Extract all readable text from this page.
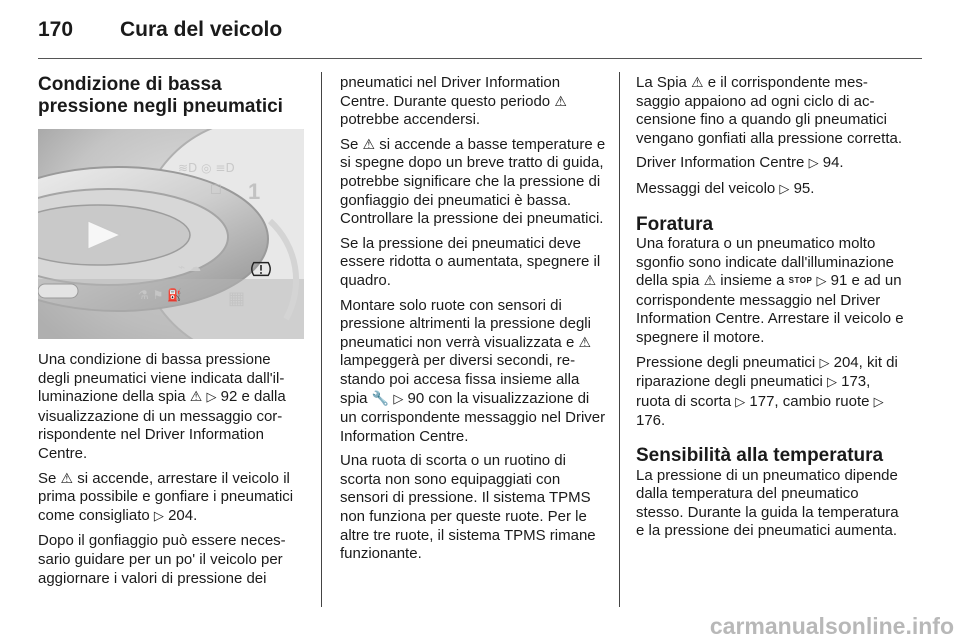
170 Cura del veicolo
Condizione di bassa pressione negli pneumatici
≋D ◎ ≡D
☐ 1
⌁ ☁
⚗ ⚑ ⛽	▦

Una condizione di bassa pressione degli pneumatici viene indicata dall'illuminazione della spia ⚠ ▷ 92 e dalla visualizzazione di un messaggio corrispondente nel Driver Information Centre.

Se ⚠ si accende, arrestare il veicolo il prima possibile e gonfiare i pneumatici come consigliato ▷ 204.

Dopo il gonfiaggio può essere necessario guidare per un po' il veicolo per aggiornare i valori di pressione dei

pneumatici nel Driver Information Centre. Durante questo periodo ⚠ potrebbe accendersi.

Se ⚠ si accende a basse temperature e si spegne dopo un breve tratto di guida, potrebbe significare che la pressione di gonfiaggio dei pneumatici è bassa. Controllare la pressione dei pneumatici.

Se la pressione dei pneumatici deve essere ridotta o aumentata, spegnere il quadro.

Montare solo ruote con sensori di pressione altrimenti la pressione degli pneumatici non verrà visualizzata e ⚠ lampeggerà per diversi secondi, restando poi accesa fissa insieme alla spia 🔧 ▷ 90 con la visualizzazione di un corrispondente messaggio nel Driver Information Centre.

Una ruota di scorta o un ruotino di scorta non sono equipaggiati con sensori di pressione. Il sistema TPMS non funziona per queste ruote. Per le altre tre ruote, il sistema TPMS rimane funzionante.

La Spia ⚠ e il corrispondente messaggio appaiono ad ogni ciclo di accensione fino a quando gli pneumatici vengano gonfiati alla pressione corretta.

Driver Information Centre ▷ 94.

Messaggi del veicolo ▷ 95.

Foratura

Una foratura o un pneumatico molto sgonfio sono indicate dall'illuminazione della spia ⚠ insieme a STOP ▷ 91 e ad un corrispondente messaggio nel Driver Information Centre. Arrestare il veicolo e spegnere il motore.

Pressione degli pneumatici ▷ 204, kit di riparazione degli pneumatici ▷ 173, ruota di scorta ▷ 177, cambio ruote ▷ 176.

Sensibilità alla temperatura

La pressione di un pneumatico dipende dalla temperatura del pneumatico stesso. Durante la guida la temperatura e la pressione dei pneumatici aumenta.

carmanualsonline.info
